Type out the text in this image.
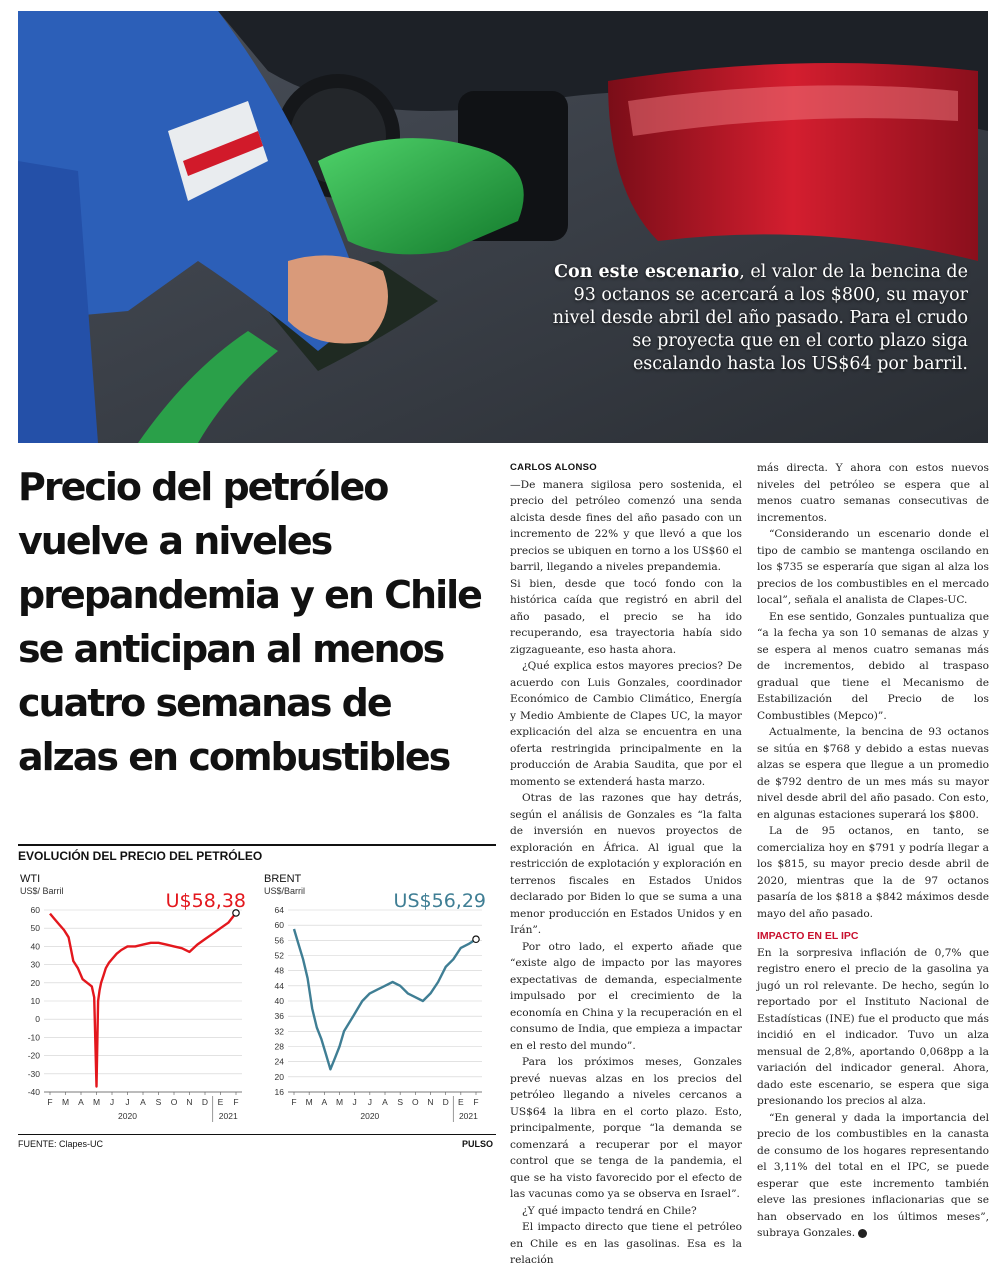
Con este escenario, el valor de la bencina de 93 octanos se acercará a los $800, su mayor nivel desde abril del año pasado. Para el crudo se proyecta que en el corto plazo siga escalando hasta los US$64 por barril.
Precio del petróleo vuelve a niveles prepandemia y en Chile se anticipan al menos cuatro semanas de alzas en combustibles
EVOLUCIÓN DEL PRECIO DEL PETRÓLEO
WTI
US$/ Barril
60
50
40
30
20
10
0
-10
-20
-30
-40
F M A M J J A S O N D E F
2020	2021
U$58,38
BRENT
US$/Barril
64
60
56
52
48
44
40
36
32
28
24
20
16
F M A M J J A S O N D E F
2020	2021
US$56,29
FUENTE: Clapes-UC	PULSO

CARLOS ALONSO

—De manera sigilosa pero sostenida, el precio del petróleo comenzó una senda alcista desde fines del año pasado con un incremento de 22% y que llevó a que los precios se ubiquen en torno a los US$60 el barril, llegando a niveles prepandemia.

Si bien, desde que tocó fondo con la histórica caída que registró en abril del año pasado, el precio se ha ido recuperando, esa trayectoria había sido zigzagueante, eso hasta ahora.

¿Qué explica estos mayores precios? De acuerdo con Luis Gonzales, coordinador Económico de Cambio Climático, Energía y Medio Ambiente de Clapes UC, la mayor explicación del alza se encuentra en una oferta restringida principalmente en la producción de Arabia Saudita, que por el momento se extenderá hasta marzo.

Otras de las razones que hay detrás, según el análisis de Gonzales es “la falta de inversión en nuevos proyectos de exploración en África. Al igual que la restricción de explotación y exploración en terrenos fiscales en Estados Unidos declarado por Biden lo que se suma a una menor producción en Estados Unidos y en Irán”.

Por otro lado, el experto añade que “existe algo de impacto por las mayores expectativas de demanda, especialmente impulsado por el crecimiento de la economía en China y la recuperación en el consumo de India, que empieza a impactar en el resto del mundo”.

Para los próximos meses, Gonzales prevé nuevas alzas en los precios del petróleo llegando a niveles cercanos a US$64 la libra en el corto plazo. Esto, principalmente, porque “la demanda se comenzará a recuperar por el mayor control que se tenga de la pandemia, el que se ha visto favorecido por el efecto de las vacunas como ya se observa en Israel”.

¿Y qué impacto tendrá en Chile?

El impacto directo que tiene el petróleo en Chile es en las gasolinas. Esa es la relación

más directa. Y ahora con estos nuevos niveles del petróleo se espera que al menos cuatro semanas consecutivas de incrementos.

“Considerando un escenario donde el tipo de cambio se mantenga oscilando en los $735 se esperaría que sigan al alza los precios de los combustibles en el mercado local”, señala el analista de Clapes-UC.

En ese sentido, Gonzales puntualiza que “a la fecha ya son 10 semanas de alzas y se espera al menos cuatro semanas más de incrementos, debido al traspaso gradual que tiene el Mecanismo de Estabilización del Precio de los Combustibles (Mepco)”.

Actualmente, la bencina de 93 octanos se sitúa en $768 y debido a estas nuevas alzas se espera que llegue a un promedio de $792 dentro de un mes más su mayor nivel desde abril del año pasado. Con esto, en algunas estaciones superará los $800.

La de 95 octanos, en tanto, se comercializa hoy en $791 y podría llegar a los $815, su mayor precio desde abril de 2020, mientras que la de 97 octanos pasaría de los $818 a $842 máximos desde mayo del año pasado.

IMPACTO EN EL IPC

En la sorpresiva inflación de 0,7% que registro enero el precio de la gasolina ya jugó un rol relevante. De hecho, según lo reportado por el Instituto Nacional de Estadísticas (INE) fue el producto que más incidió en el indicador. Tuvo un alza mensual de 2,8%, aportando 0,068pp a la variación del indicador general. Ahora, dado este escenario, se espera que siga presionando los precios al alza.

“En general y dada la importancia del precio de los combustibles en la canasta de consumo de los hogares representando el 3,11% del total en el IPC, se puede esperar que este incremento también eleve las presiones inflacionarias que se han observado en los últimos meses”, subraya Gonzales.
